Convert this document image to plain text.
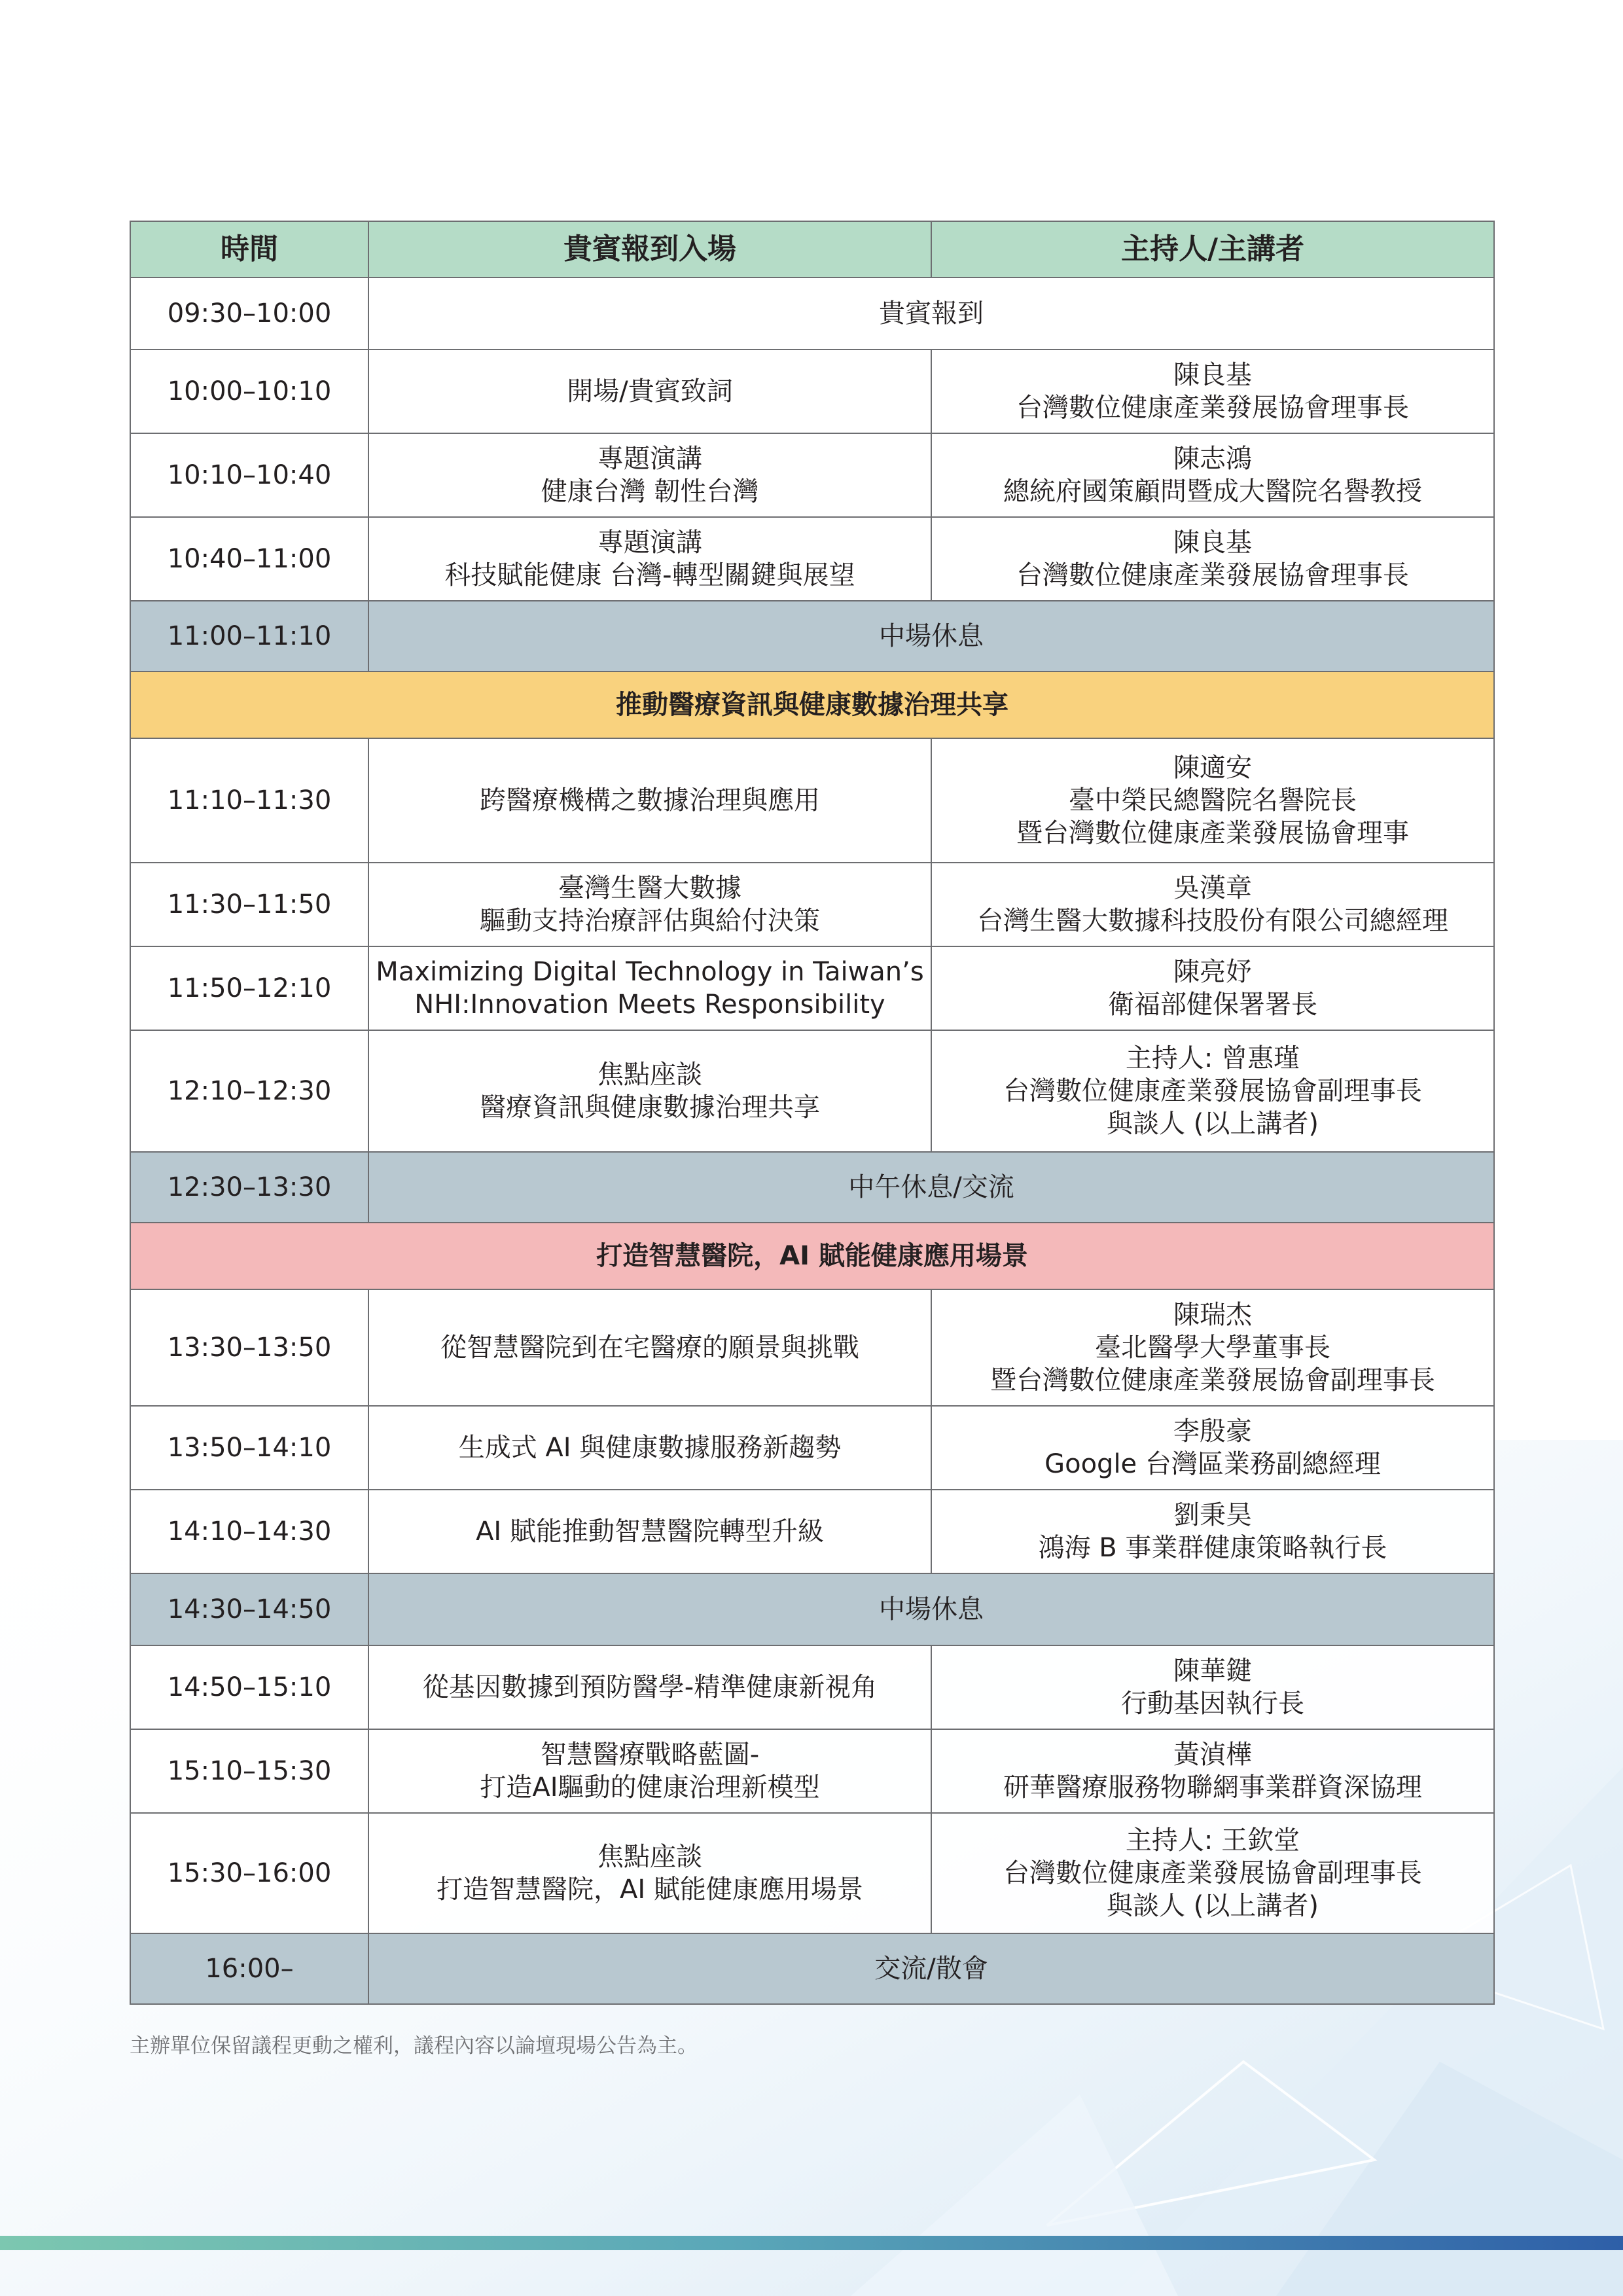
時間	貴賓報到入場	主持人/主講者
09:30–10:00	貴賓報到	
10:00–10:10	開場/貴賓致詞	陳良基
台灣數位健康產業發展協會理事長

10:10–10:40	專題演講
健康台灣 韌性台灣	陳志鴻
總統府國策顧問暨成大醫院名譽教授

10:40–11:00	專題演講
科技賦能健康 台灣-轉型關鍵與展望	陳良基
台灣數位健康產業發展協會理事長

11:00–11:10	中場休息	
推動醫療資訊與健康數據治理共享		
11:10–11:30	跨醫療機構之數據治理與應用	陳適安
臺中榮民總醫院名譽院長
暨台灣數位健康產業發展協會理事

11:30–11:50	臺灣生醫大數據
驅動支持治療評估與給付決策	吳漢章
台灣生醫大數據科技股份有限公司總經理

11:50–12:10	Maximizing Digital Technology in Taiwan’s
NHI:Innovation Meets Responsibility	陳亮妤
衛福部健保署署長

12:10–12:30	焦點座談
醫療資訊與健康數據治理共享	主持人: 曾惠瑾
台灣數位健康產業發展協會副理事長
與談人 (以上講者)

12:30–13:30	中午休息/交流	
打造智慧醫院，AI 賦能健康應用場景		
13:30–13:50	從智慧醫院到在宅醫療的願景與挑戰	陳瑞杰
臺北醫學大學董事長
暨台灣數位健康產業發展協會副理事長

13:50–14:10	生成式 AI 與健康數據服務新趨勢	李殷豪
Google 台灣區業務副總經理

14:10–14:30	AI 賦能推動智慧醫院轉型升級	劉秉昊
鴻海 B 事業群健康策略執行長

14:30–14:50	中場休息	
14:50–15:10	從基因數據到預防醫學-精準健康新視角	陳華鍵
行動基因執行長

15:10–15:30	智慧醫療戰略藍圖-
打造AI驅動的健康治理新模型	黃湞樺
研華醫療服務物聯網事業群資深協理

15:30–16:00	焦點座談
打造智慧醫院，AI 賦能健康應用場景	主持人: 王欽堂
台灣數位健康產業發展協會副理事長
與談人 (以上講者)

16:00–	交流/散會	
主辦單位保留議程更動之權利，議程內容以論壇現場公告為主。
